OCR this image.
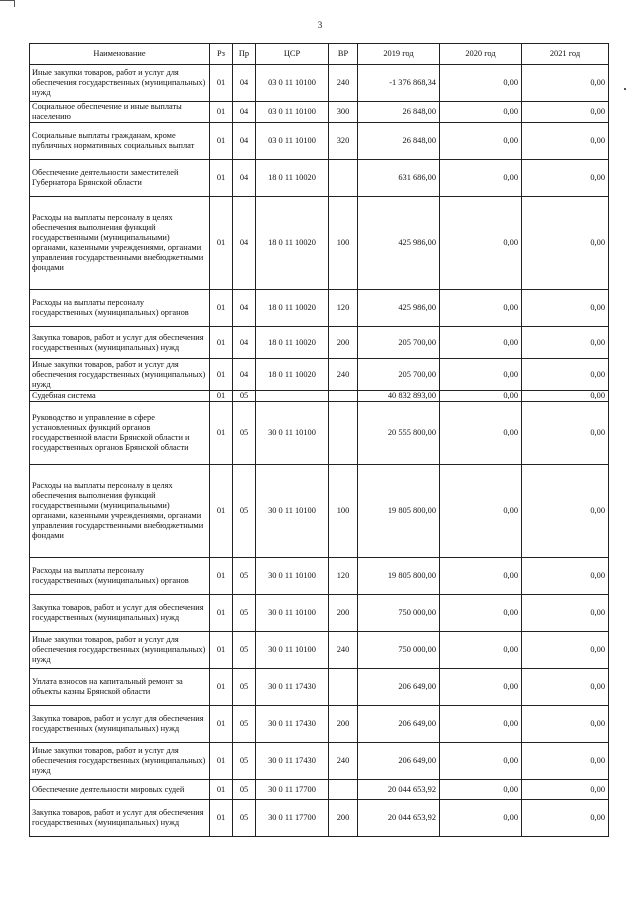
3
Наименование	Рз	Пр	ЦСР	ВР	2019 год	2020 год	2021 год
Иные закупки товаров, работ и услуг для обеспечения государственных (муниципальных) нужд	01	04	03 0 11 10100	240	-1 376 868,34	0,00	0,00
Социальное обеспечение и иные выплаты населению	01	04	03 0 11 10100	300	26 848,00	0,00	0,00
Социальные выплаты гражданам, кроме публичных нормативных социальных выплат	01	04	03 0 11 10100	320	26 848,00	0,00	0,00
Обеспечение деятельности заместителей Губернатора Брянской области	01	04	18 0 11 10020		631 686,00	0,00	0,00
Расходы на выплаты персоналу в целях обеспечения выполнения функций государственными (муниципальными) органами, казенными учреждениями, органами управления государственными внебюджетными фондами	01	04	18 0 11 10020	100	425 986,00	0,00	0,00
Расходы на выплаты персоналу государственных (муниципальных) органов	01	04	18 0 11 10020	120	425 986,00	0,00	0,00
Закупка товаров, работ и услуг для обеспечения государственных (муниципальных) нужд	01	04	18 0 11 10020	200	205 700,00	0,00	0,00
Иные закупки товаров, работ и услуг для обеспечения государственных (муниципальных) нужд	01	04	18 0 11 10020	240	205 700,00	0,00	0,00
Судебная система	01	05			40 832 893,00	0,00	0,00
Руководство и управление в сфере установленных функций органов государственной власти Брянской области и государственных органов Брянской области	01	05	30 0 11 10100		20 555 800,00	0,00	0,00
Расходы на выплаты персоналу в целях обеспечения выполнения функций государственными (муниципальными) органами, казенными учреждениями, органами управления государственными внебюджетными фондами	01	05	30 0 11 10100	100	19 805 800,00	0,00	0,00
Расходы на выплаты персоналу государственных (муниципальных) органов	01	05	30 0 11 10100	120	19 805 800,00	0,00	0,00
Закупка товаров, работ и услуг для обеспечения государственных (муниципальных) нужд	01	05	30 0 11 10100	200	750 000,00	0,00	0,00
Иные закупки товаров, работ и услуг для обеспечения государственных (муниципальных) нужд	01	05	30 0 11 10100	240	750 000,00	0,00	0,00
Уплата взносов на капитальный ремонт за объекты казны Брянской области	01	05	30 0 11 17430		206 649,00	0,00	0,00
Закупка товаров, работ и услуг для обеспечения государственных (муниципальных) нужд	01	05	30 0 11 17430	200	206 649,00	0,00	0,00
Иные закупки товаров, работ и услуг для обеспечения государственных (муниципальных) нужд	01	05	30 0 11 17430	240	206 649,00	0,00	0,00
Обеспечение деятельности мировых судей	01	05	30 0 11 17700		20 044 653,92	0,00	0,00
Закупка товаров, работ и услуг для обеспечения государственных (муниципальных) нужд	01	05	30 0 11 17700	200	20 044 653,92	0,00	0,00
